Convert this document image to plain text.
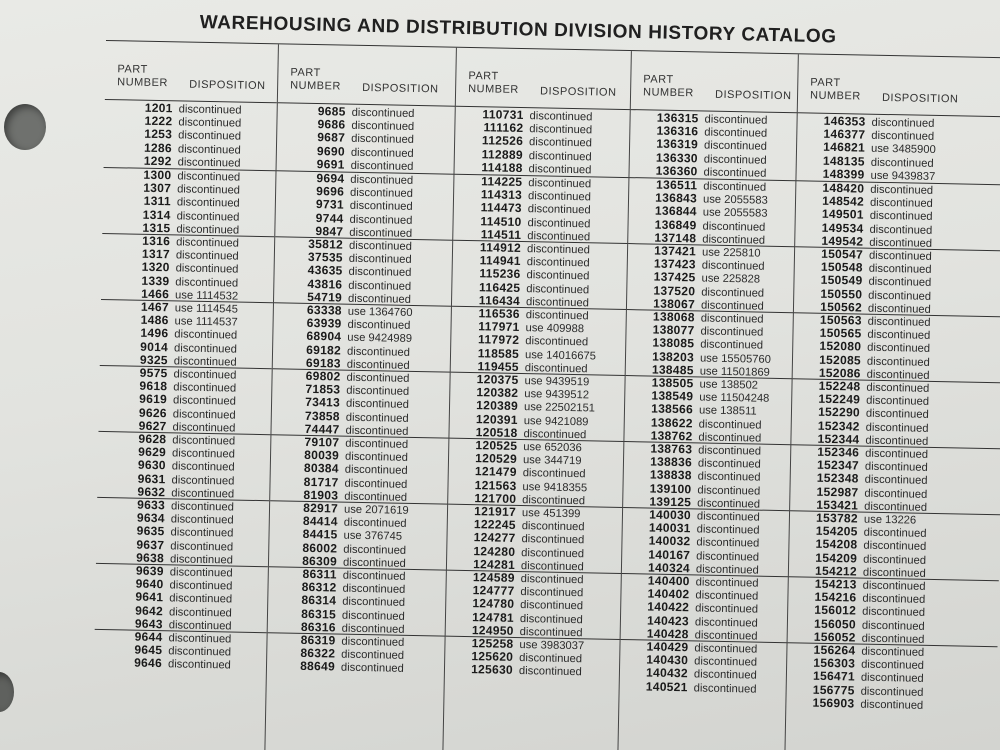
WAREHOUSING AND DISTRIBUTION DIVISION HISTORY CATALOG
PART
NUMBER DISPOSITION
1201 discontinued
1222 discontinued
1253 discontinued
1286 discontinued
1292 discontinued
1300 discontinued
1307 discontinued
1311 discontinued
1314 discontinued
1315 discontinued
1316 discontinued
1317 discontinued
1320 discontinued
1339 discontinued
1466 use 1114532
1467 use 1114545
1486 use 1114537
1496 discontinued
9014 discontinued
9325 discontinued
9575 discontinued
9618 discontinued
9619 discontinued
9626 discontinued
9627 discontinued
9628 discontinued
9629 discontinued
9630 discontinued
9631 discontinued
9632 discontinued
9633 discontinued
9634 discontinued
9635 discontinued
9637 discontinued
9638 discontinued
9639 discontinued
9640 discontinued
9641 discontinued
9642 discontinued
9643 discontinued
9644 discontinued
9645 discontinued
9646 discontinued
PART
NUMBER DISPOSITION
9685 discontinued
9686 discontinued
9687 discontinued
9690 discontinued
9691 discontinued
9694 discontinued
9696 discontinued
9731 discontinued
9744 discontinued
9847 discontinued
35812 discontinued
37535 discontinued
43635 discontinued
43816 discontinued
54719 discontinued
63338 use 1364760
63939 discontinued
68904 use 9424989
69182 discontinued
69183 discontinued
69802 discontinued
71853 discontinued
73413 discontinued
73858 discontinued
74447 discontinued
79107 discontinued
80039 discontinued
80384 discontinued
81717 discontinued
81903 discontinued
82917 use 2071619
84414 discontinued
84415 use 376745
86002 discontinued
86309 discontinued
86311 discontinued
86312 discontinued
86314 discontinued
86315 discontinued
86316 discontinued
86319 discontinued
86322 discontinued
88649 discontinued
PART
NUMBER DISPOSITION
110731 discontinued
111162 discontinued
112526 discontinued
112889 discontinued
114188 discontinued
114225 discontinued
114313 discontinued
114473 discontinued
114510 discontinued
114511 discontinued
114912 discontinued
114941 discontinued
115236 discontinued
116425 discontinued
116434 discontinued
116536 discontinued
117971 use 409988
117972 discontinued
118585 use 14016675
119455 discontinued
120375 use 9439519
120382 use 9439512
120389 use 22502151
120391 use 9421089
120518 discontinued
120525 use 652036
120529 use 344719
121479 discontinued
121563 use 9418355
121700 discontinued
121917 use 451399
122245 discontinued
124277 discontinued
124280 discontinued
124281 discontinued
124589 discontinued
124777 discontinued
124780 discontinued
124781 discontinued
124950 discontinued
125258 use 3983037
125620 discontinued
125630 discontinued
PART
NUMBER DISPOSITION
136315 discontinued
136316 discontinued
136319 discontinued
136330 discontinued
136360 discontinued
136511 discontinued
136843 use 2055583
136844 use 2055583
136849 discontinued
137148 discontinued
137421 use 225810
137423 discontinued
137425 use 225828
137520 discontinued
138067 discontinued
138068 discontinued
138077 discontinued
138085 discontinued
138203 use 15505760
138485 use 11501869
138505 use 138502
138549 use 11504248
138566 use 138511
138622 discontinued
138762 discontinued
138763 discontinued
138836 discontinued
138838 discontinued
139100 discontinued
139125 discontinued
140030 discontinued
140031 discontinued
140032 discontinued
140167 discontinued
140324 discontinued
140400 discontinued
140402 discontinued
140422 discontinued
140423 discontinued
140428 discontinued
140429 discontinued
140430 discontinued
140432 discontinued
140521 discontinued
PART
NUMBER DISPOSITION
146353 discontinued
146377 discontinued
146821 use 3485900
148135 discontinued
148399 use 9439837
148420 discontinued
148542 discontinued
149501 discontinued
149534 discontinued
149542 discontinued
150547 discontinued
150548 discontinued
150549 discontinued
150550 discontinued
150562 discontinued
150563 discontinued
150565 discontinued
152080 discontinued
152085 discontinued
152086 discontinued
152248 discontinued
152249 discontinued
152290 discontinued
152342 discontinued
152344 discontinued
152346 discontinued
152347 discontinued
152348 discontinued
152987 discontinued
153421 discontinued
153782 use 13226
154205 discontinued
154208 discontinued
154209 discontinued
154212 discontinued
154213 discontinued
154216 discontinued
156012 discontinued
156050 discontinued
156052 discontinued
156264 discontinued
156303 discontinued
156471 discontinued
156775 discontinued
156903 discontinued
